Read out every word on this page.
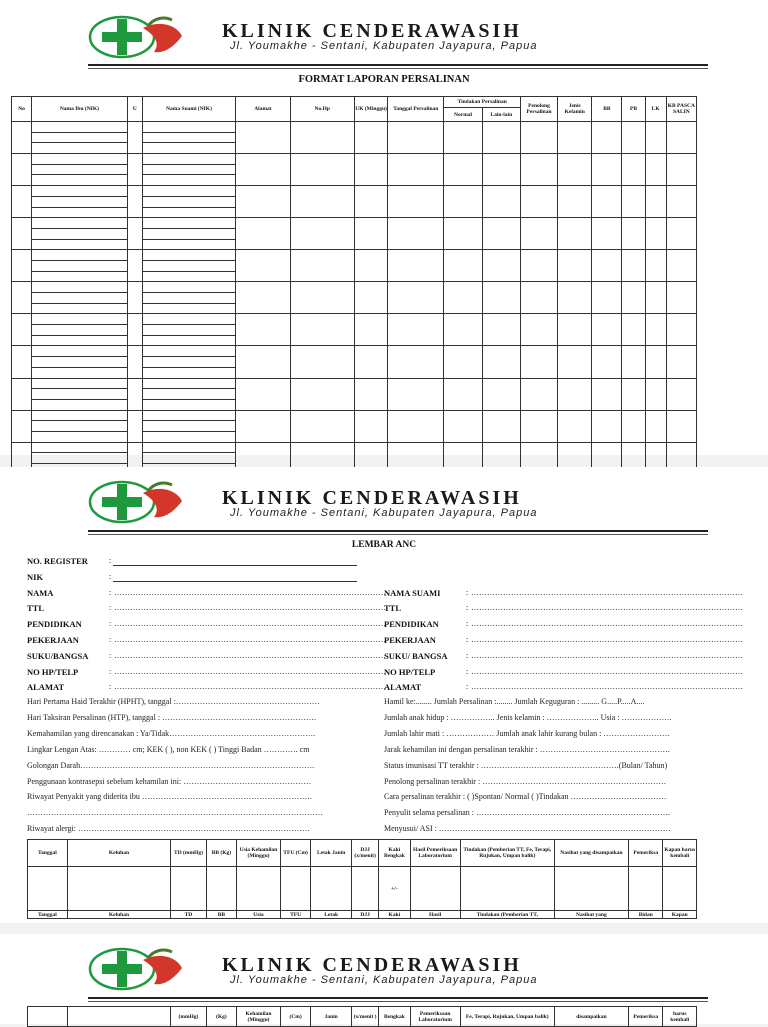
KLINIK CENDERAWASIH
Jl. Youmakhe - Sentani, Kabupaten Jayapura, Papua
FORMAT LAPORAN PERSALINAN
No	Nama Ibu (NIK)	U	Nama Suami (NIK)	Alamat	No.Hp	UK (Minggu)	Tanggal Persalinan	Tindakan Persalinan		Penolong Persalinan	Jenis Kelamin	BB	PB	LK	KB PASCA SALIN
								Normal	Lain-lain						

KLINIK CENDERAWASIH
Jl. Youmakhe - Sentani, Kabupaten Jayapura, Papua
LEMBAR ANC
NO. REGISTER	:
NIK	:
NAMA	: …………………………………………………………………………………………
TTL	: …………………………………………………………………………………………
PENDIDIKAN	: …………………………………………………………………………………………
PEKERJAAN	: …………………………………………………………………………………………
SUKU/BANGSA	: …………………………………………………………………………………………
NO HP/TELP	: …………………………………………………………………………………………
ALAMAT	: …………………………………………………………………………………………
NAMA SUAMI	: …………………………………………………………………………………………
TTL	: …………………………………………………………………………………………
PENDIDIKAN	: …………………………………………………………………………………………
PEKERJAAN	: …………………………………………………………………………………………
SUKU/ BANGSA : …………………………………………………………………………………………
NO HP/TELP	: …………………………………………………………………………………………
ALAMAT	: …………………………………………………………………………………………
Hari Pertama Haid Terakhir (HPHT), tanggal :………………………………………………
Hari Taksiran Persalinan (HTP), tanggal : ………………………………………………….
Kemahamilan yang direncanakan : Ya/Tidak……………………………………………….
Lingkar Lengan Atas: ………… cm; KEK ( ), non KEK ( ) Tinggi Badan …………. cm
Golongan Darah…………………………………………………………………………….
Penggunaan kontrasepsi sebelum kehamilan ini: …………………………………………
Riwayat Penyakit yang diderita ibu ……………………………………………………….
…………………………………………………………………………………………………
Riwayat alergi: ……………………………………………………………………………
Hamil ke:........ Jumlah Persalinan :........ Jumlah Keguguran : ......... G.....P.....A....
Jumlah anak hidup : …………….. Jenis kelamin : ……………….. Usia : ……………….
Jumlah lahir mati : ……………… Jumlah anak lahir kurang bulan : …………………….
Jarak kehamilan ini dengan persalinan terakhir : ………………………………………….
Status imunisasi TT terakhir : …………………………………………….(Bulan/ Tahun)
Penolong persalinan terakhir : ……………………………………………………………
Cara persalinan terakhir : ( )Spontan/ Normal ( )Tindakan ………………………………
Penyulit selama persalinan : ……………………………………………………………….
Menyusui/ ASI : ……………………………………………………………………………
Tanggal	Keluhan	TD (mmHg)	BB (Kg)	Usia Kehamilan (Minggu)	TFU (Cm)	Letak Janin	DJJ (x/menit)	Kaki Bengkak	Hasil Pemeriksaan Laboratorium	Tindakan (Pemberian TT, Fe, Terapi, Rujukan, Umpan balik)	Nasihat yang disampaikan	Pemeriksa	Kapan harus kembali
								+/-					
Tanggal	Keluhan	TD	BB	Usia	TFU	Letak	DJJ	Kaki	Hasil	Tindakan (Pemberian TT,	Nasihat yang	Bidan	Kapan
KLINIK CENDERAWASIH
Jl. Youmakhe - Sentani, Kabupaten Jayapura, Papua
		(mmHg)	(Kg)	Kehamilan (Minggu)	(Cm)	Janin	(x/menit )	Bengkak	Pemeriksaan Laboratorium	Fe, Terapi, Rujukan, Umpan balik)	disampaikan	Pemeriksa	harus kembali
